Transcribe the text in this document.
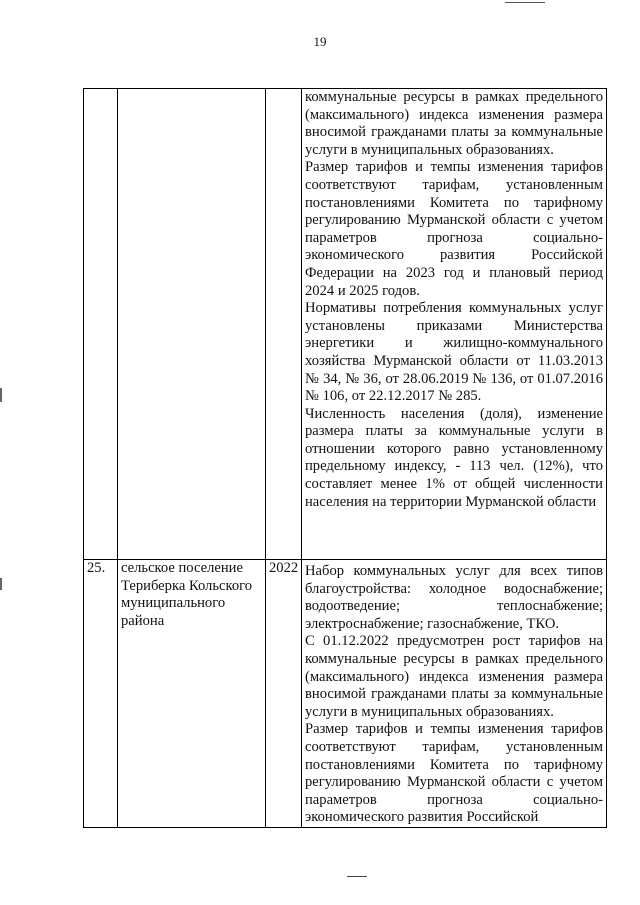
19

			коммунальные ресурсы в рамках предельного (максимального) индекса изменения размера вносимой гражданами платы за коммунальные услуги в муниципальных образованиях.
Размер тарифов и темпы изменения тарифов соответствуют тарифам, установленным постановлениями Комитета по тарифному регулированию Мурманской области с учетом параметров прогноза социально-экономического развития Российской Федерации на 2023 год и плановый период 2024 и 2025 годов.
Нормативы потребления коммунальных услуг установлены приказами Министерства энергетики и жилищно-коммунального хозяйства Мурманской области от 11.03.2013 № 34, № 36, от 28.06.2019 № 136, от 01.07.2016 № 106, от 22.12.2017 № 285.
Численность населения (доля), изменение размера платы за коммунальные услуги в отношении которого равно установленному предельному индексу, - 113 чел. (12%), что составляет менее 1% от общей численности населения на территории Мурманской области

25.	сельское поселение Териберка Кольского муниципального района	2022	Набор коммунальных услуг для всех типов благоустройства: холодное водоснабжение; водоотведение; теплоснабжение; электроснабжение; газоснабжение, ТКО.
С 01.12.2022 предусмотрен рост тарифов на коммунальные ресурсы в рамках предельного (максимального) индекса изменения размера вносимой гражданами платы за коммунальные услуги в муниципальных образованиях.
Размер тарифов и темпы изменения тарифов соответствуют тарифам, установленным постановлениями Комитета по тарифному регулированию Мурманской области с учетом параметров прогноза социально-экономического развития Российской
